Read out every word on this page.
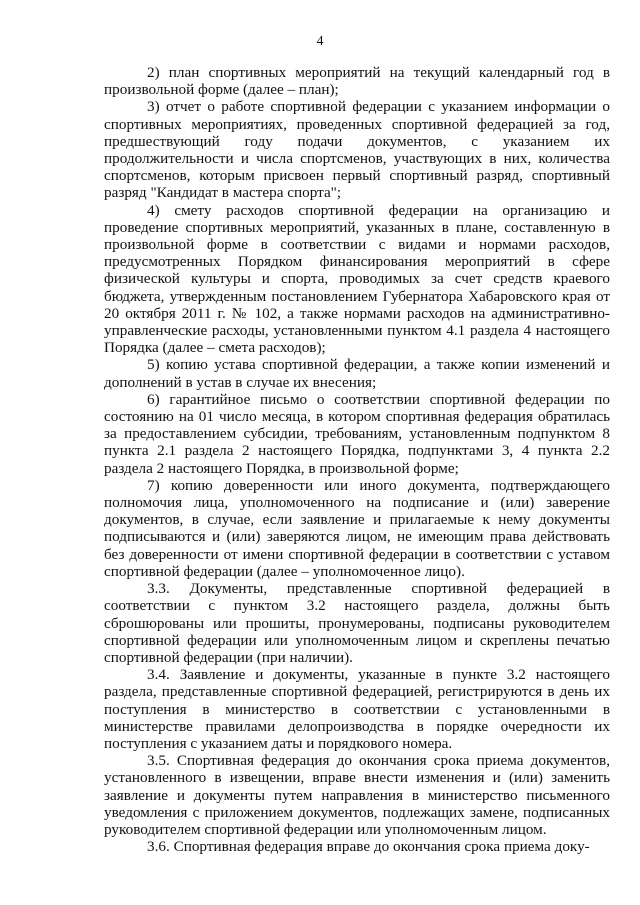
4

2) план спортивных мероприятий на текущий календарный год в произвольной форме (далее – план);

3) отчет о работе спортивной федерации с указанием информации о спортивных мероприятиях, проведенных спортивной федерацией за год, предшествующий году подачи документов, с указанием их продолжительности и числа спортсменов, участвующих в них, количества спортсменов, которым присвоен первый спортивный разряд, спортивный разряд "Кандидат в мастера спорта";

4) смету расходов спортивной федерации на организацию и проведение спортивных мероприятий, указанных в плане, составленную в произвольной форме в соответствии с видами и нормами расходов, предусмотренных Порядком финансирования мероприятий в сфере физической культуры и спорта, проводимых за счет средств краевого бюджета, утвержденным постановлением Губернатора Хабаровского края от 20 октября 2011 г. № 102, а также нормами расходов на административно-управленческие расходы, установленными пунктом 4.1 раздела 4 настоящего Порядка (далее – смета расходов);

5) копию устава спортивной федерации, а также копии изменений и дополнений в устав в случае их внесения;

6) гарантийное письмо о соответствии спортивной федерации по состоянию на 01 число месяца, в котором спортивная федерация обратилась за предоставлением субсидии, требованиям, установленным подпунктом 8 пункта 2.1 раздела 2 настоящего Порядка, подпунктами 3, 4 пункта 2.2 раздела 2 настоящего Порядка, в произвольной форме;

7) копию доверенности или иного документа, подтверждающего полномочия лица, уполномоченного на подписание и (или) заверение документов, в случае, если заявление и прилагаемые к нему документы подписываются и (или) заверяются лицом, не имеющим права действовать без доверенности от имени спортивной федерации в соответствии с уставом спортивной федерации (далее – уполномоченное лицо).

3.3. Документы, представленные спортивной федерацией в соответствии с пунктом 3.2 настоящего раздела, должны быть сброшюрованы или прошиты, пронумерованы, подписаны руководителем спортивной федерации или уполномоченным лицом и скреплены печатью спортивной федерации (при наличии).

3.4. Заявление и документы, указанные в пункте 3.2 настоящего раздела, представленные спортивной федерацией, регистрируются в день их поступления в министерство в соответствии с установленными в министерстве правилами делопроизводства в порядке очередности их поступления с указанием даты и порядкового номера.

3.5. Спортивная федерация до окончания срока приема документов, установленного в извещении, вправе внести изменения и (или) заменить заявление и документы путем направления в министерство письменного уведомления с приложением документов, подлежащих замене, подписанных руководителем спортивной федерации или уполномоченным лицом.

3.6. Спортивная федерация вправе до окончания срока приема доку-
